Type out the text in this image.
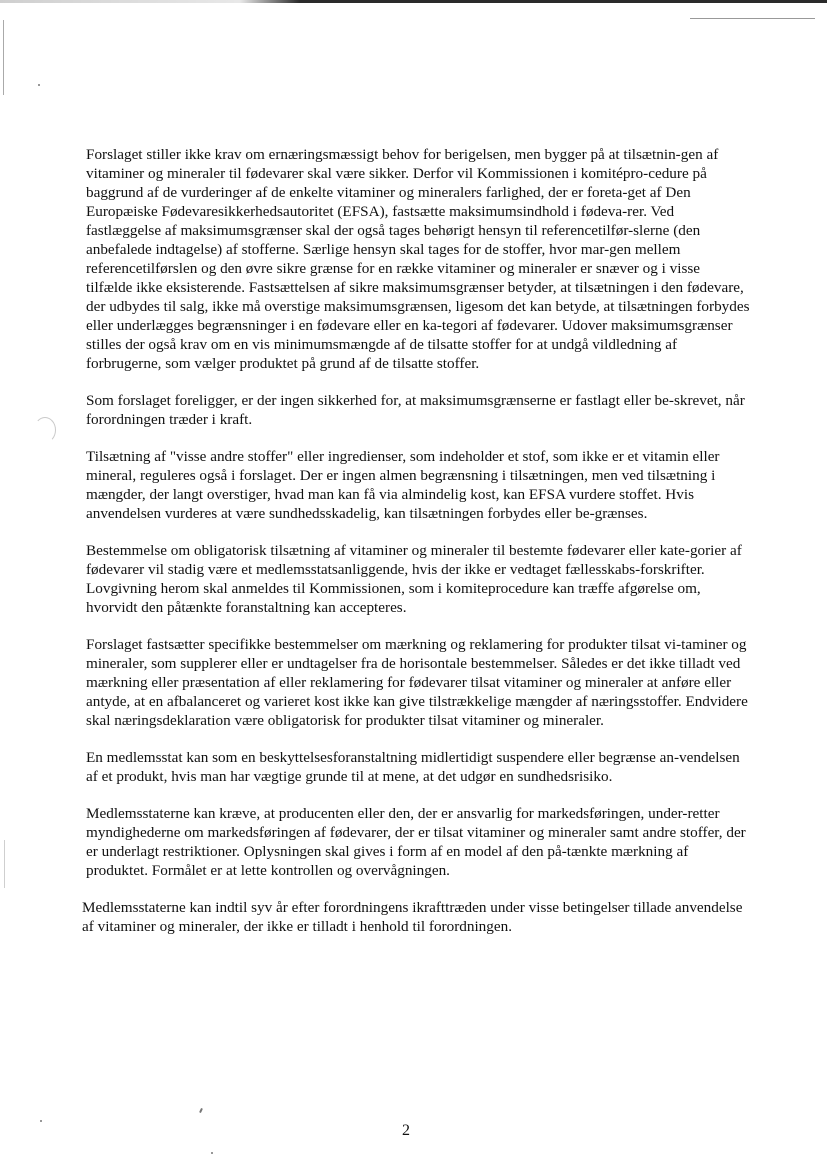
Forslaget stiller ikke krav om ernæringsmæssigt behov for berigelsen, men bygger på at tilsætnin-gen af vitaminer og mineraler til fødevarer skal være sikker. Derfor vil Kommissionen i komitépro-cedure på baggrund af de vurderinger af de enkelte vitaminer og mineralers farlighed, der er foreta-get af Den Europæiske Fødevaresikkerhedsautoritet (EFSA), fastsætte maksimumsindhold i fødeva-rer. Ved fastlæggelse af maksimumsgrænser skal der også tages behørigt hensyn til referencetilfør-slerne (den anbefalede indtagelse) af stofferne. Særlige hensyn skal tages for de stoffer, hvor mar-gen mellem referencetilførslen og den øvre sikre grænse for en række vitaminer og mineraler er snæver og i visse tilfælde ikke eksisterende. Fastsættelsen af sikre maksimumsgrænser betyder, at tilsætningen i den fødevare, der udbydes til salg, ikke må overstige maksimumsgrænsen, ligesom det kan betyde, at tilsætningen forbydes eller underlægges begrænsninger i en fødevare eller en ka-tegori af fødevarer. Udover maksimumsgrænser stilles der også krav om en vis minimumsmængde af de tilsatte stoffer for at undgå vildledning af forbrugerne, som vælger produktet på grund af de tilsatte stoffer.

Som forslaget foreligger, er der ingen sikkerhed for, at maksimumsgrænserne er fastlagt eller be-skrevet, når forordningen træder i kraft.

Tilsætning af "visse andre stoffer" eller ingredienser, som indeholder et stof, som ikke er et vitamin eller mineral, reguleres også i forslaget. Der er ingen almen begrænsning i tilsætningen, men ved tilsætning i mængder, der langt overstiger, hvad man kan få via almindelig kost, kan EFSA vurdere stoffet. Hvis anvendelsen vurderes at være sundhedsskadelig, kan tilsætningen forbydes eller be-grænses.

Bestemmelse om obligatorisk tilsætning af vitaminer og mineraler til bestemte fødevarer eller kate-gorier af fødevarer vil stadig være et medlemsstatsanliggende, hvis der ikke er vedtaget fællesskabs-forskrifter. Lovgivning herom skal anmeldes til Kommissionen, som i komiteprocedure kan træffe afgørelse om, hvorvidt den påtænkte foranstaltning kan accepteres.

Forslaget fastsætter specifikke bestemmelser om mærkning og reklamering for produkter tilsat vi-taminer og mineraler, som supplerer eller er undtagelser fra de horisontale bestemmelser. Således er det ikke tilladt ved mærkning eller præsentation af eller reklamering for fødevarer tilsat vitaminer og mineraler at anføre eller antyde, at en afbalanceret og varieret kost ikke kan give tilstrækkelige mængder af næringsstoffer. Endvidere skal næringsdeklaration være obligatorisk for produkter tilsat vitaminer og mineraler.

En medlemsstat kan som en beskyttelsesforanstaltning midlertidigt suspendere eller begrænse an-vendelsen af et produkt, hvis man har vægtige grunde til at mene, at det udgør en sundhedsrisiko.

Medlemsstaterne kan kræve, at producenten eller den, der er ansvarlig for markedsføringen, under-retter myndighederne om markedsføringen af fødevarer, der er tilsat vitaminer og mineraler samt andre stoffer, der er underlagt restriktioner. Oplysningen skal gives i form af en model af den på-tænkte mærkning af produktet. Formålet er at lette kontrollen og overvågningen.

Medlemsstaterne kan indtil syv år efter forordningens ikrafttræden under visse betingelser tillade anvendelse af vitaminer og mineraler, der ikke er tilladt i henhold til forordningen.

2
